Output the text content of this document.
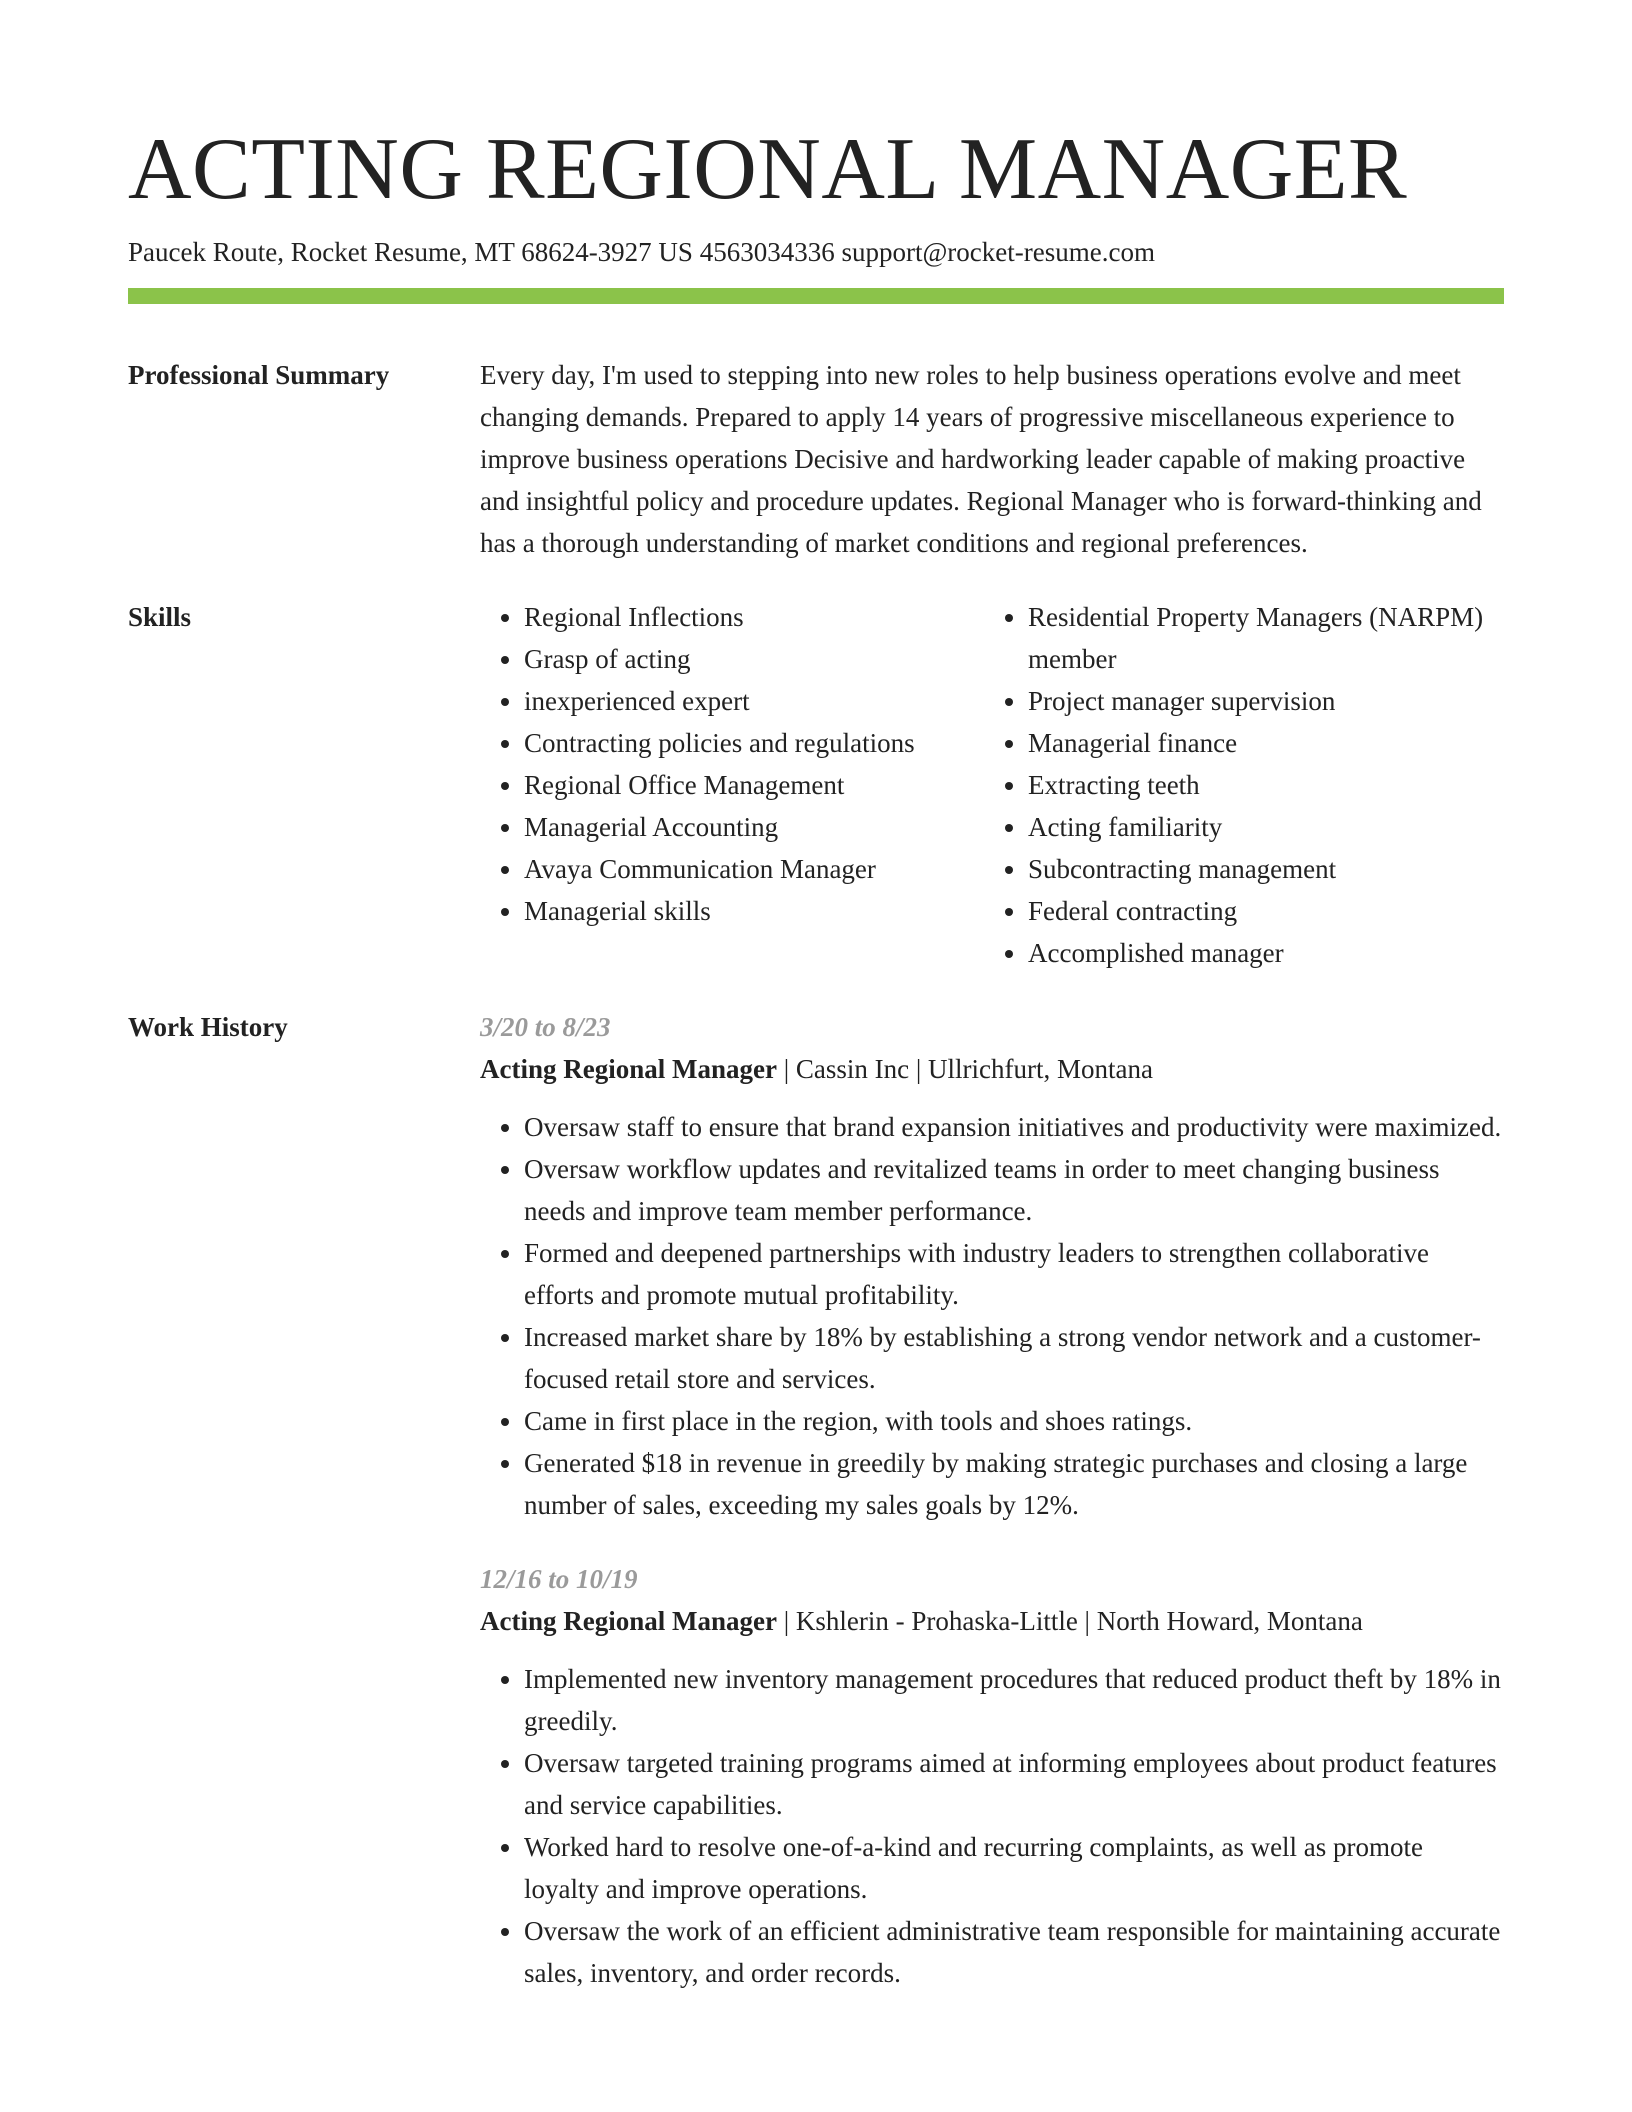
ACTING REGIONAL MANAGER
Paucek Route, Rocket Resume, MT 68624-3927 US 4563034336 support@rocket-resume.com
Professional Summary	Every day, I'm used to stepping into new roles to help business operations evolve and meet changing demands. Prepared to apply 14 years of progressive miscellaneous experience to improve business operations Decisive and hardworking leader capable of making proactive and insightful policy and procedure updates. Regional Manager who is forward-thinking and has a thorough understanding of market conditions and regional preferences.
Skills
•	Regional Inflections
• Grasp of acting
• inexperienced expert
• Contracting policies and regulations
• Regional Office Management
• Managerial Accounting
• Avaya Communication Manager
• Managerial skills
• Residential Property Managers (NARPM) member
• Project manager supervision
• Managerial finance
• Extracting teeth
• Acting familiarity
• Subcontracting management
• Federal contracting
• Accomplished manager
Work History	3/20 to 8/23
Acting Regional Manager | Cassin Inc | Ullrichfurt, Montana
• Oversaw staff to ensure that brand expansion initiatives and productivity were maximized.
• Oversaw workflow updates and revitalized teams in order to meet changing business needs and improve team member performance.
• Formed and deepened partnerships with industry leaders to strengthen collaborative efforts and promote mutual profitability.
• Increased market share by 18% by establishing a strong vendor network and a customer-focused retail store and services.
• Came in first place in the region, with tools and shoes ratings.
• Generated $18 in revenue in greedily by making strategic purchases and closing a large number of sales, exceeding my sales goals by 12%.
12/16 to 10/19
Acting Regional Manager | Kshlerin - Prohaska-Little | North Howard, Montana
• Implemented new inventory management procedures that reduced product theft by 18% in greedily.
• Oversaw targeted training programs aimed at informing employees about product features and service capabilities.
• Worked hard to resolve one-of-a-kind and recurring complaints, as well as promote loyalty and improve operations.
• Oversaw the work of an efficient administrative team responsible for maintaining accurate sales, inventory, and order records.
